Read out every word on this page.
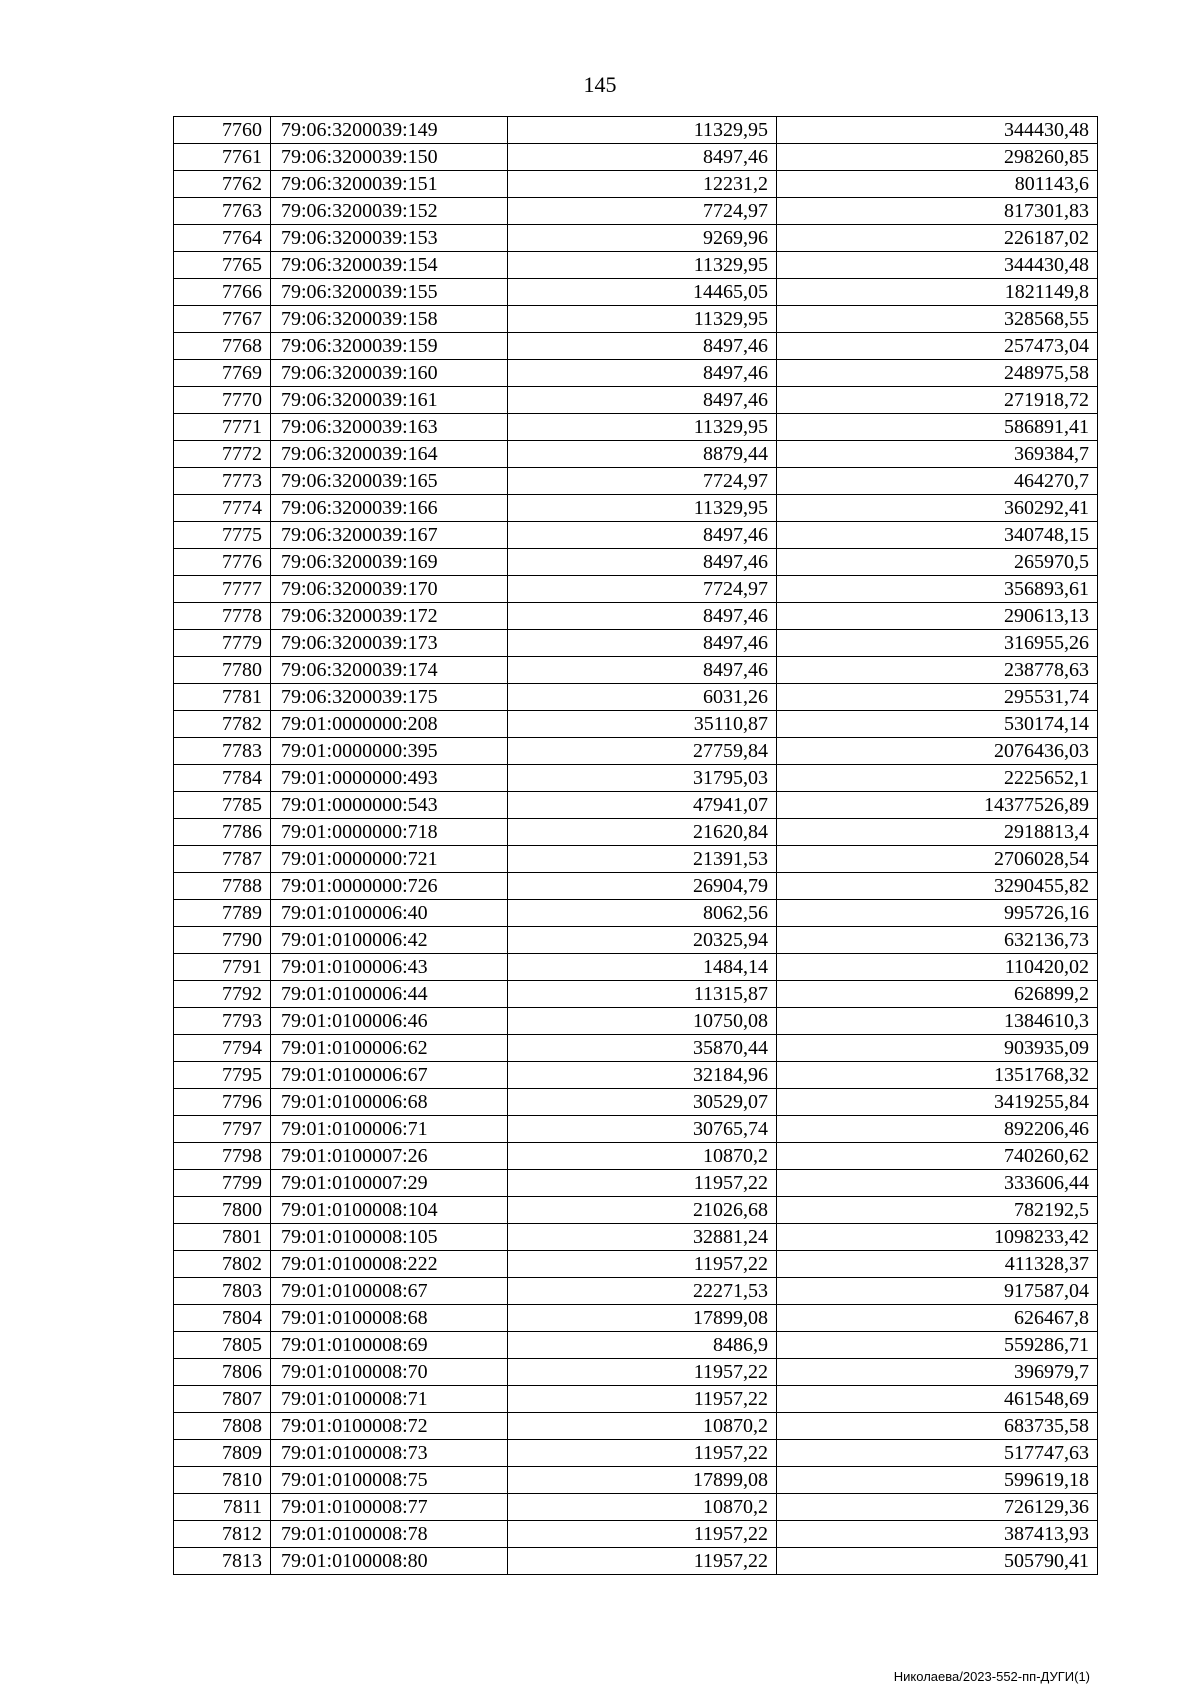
145
7760	79:06:3200039:149	11329,95	344430,48
7761	79:06:3200039:150	8497,46	298260,85
7762	79:06:3200039:151	12231,2	801143,6
7763	79:06:3200039:152	7724,97	817301,83
7764	79:06:3200039:153	9269,96	226187,02
7765	79:06:3200039:154	11329,95	344430,48
7766	79:06:3200039:155	14465,05	1821149,8
7767	79:06:3200039:158	11329,95	328568,55
7768	79:06:3200039:159	8497,46	257473,04
7769	79:06:3200039:160	8497,46	248975,58
7770	79:06:3200039:161	8497,46	271918,72
7771	79:06:3200039:163	11329,95	586891,41
7772	79:06:3200039:164	8879,44	369384,7
7773	79:06:3200039:165	7724,97	464270,7
7774	79:06:3200039:166	11329,95	360292,41
7775	79:06:3200039:167	8497,46	340748,15
7776	79:06:3200039:169	8497,46	265970,5
7777	79:06:3200039:170	7724,97	356893,61
7778	79:06:3200039:172	8497,46	290613,13
7779	79:06:3200039:173	8497,46	316955,26
7780	79:06:3200039:174	8497,46	238778,63
7781	79:06:3200039:175	6031,26	295531,74
7782	79:01:0000000:208	35110,87	530174,14
7783	79:01:0000000:395	27759,84	2076436,03
7784	79:01:0000000:493	31795,03	2225652,1
7785	79:01:0000000:543	47941,07	14377526,89
7786	79:01:0000000:718	21620,84	2918813,4
7787	79:01:0000000:721	21391,53	2706028,54
7788	79:01:0000000:726	26904,79	3290455,82
7789	79:01:0100006:40	8062,56	995726,16
7790	79:01:0100006:42	20325,94	632136,73
7791	79:01:0100006:43	1484,14	110420,02
7792	79:01:0100006:44	11315,87	626899,2
7793	79:01:0100006:46	10750,08	1384610,3
7794	79:01:0100006:62	35870,44	903935,09
7795	79:01:0100006:67	32184,96	1351768,32
7796	79:01:0100006:68	30529,07	3419255,84
7797	79:01:0100006:71	30765,74	892206,46
7798	79:01:0100007:26	10870,2	740260,62
7799	79:01:0100007:29	11957,22	333606,44
7800	79:01:0100008:104	21026,68	782192,5
7801	79:01:0100008:105	32881,24	1098233,42
7802	79:01:0100008:222	11957,22	411328,37
7803	79:01:0100008:67	22271,53	917587,04
7804	79:01:0100008:68	17899,08	626467,8
7805	79:01:0100008:69	8486,9	559286,71
7806	79:01:0100008:70	11957,22	396979,7
7807	79:01:0100008:71	11957,22	461548,69
7808	79:01:0100008:72	10870,2	683735,58
7809	79:01:0100008:73	11957,22	517747,63
7810	79:01:0100008:75	17899,08	599619,18
7811	79:01:0100008:77	10870,2	726129,36
7812	79:01:0100008:78	11957,22	387413,93
7813	79:01:0100008:80	11957,22	505790,41
Николаева/2023-552-пп-ДУГИ(1)
